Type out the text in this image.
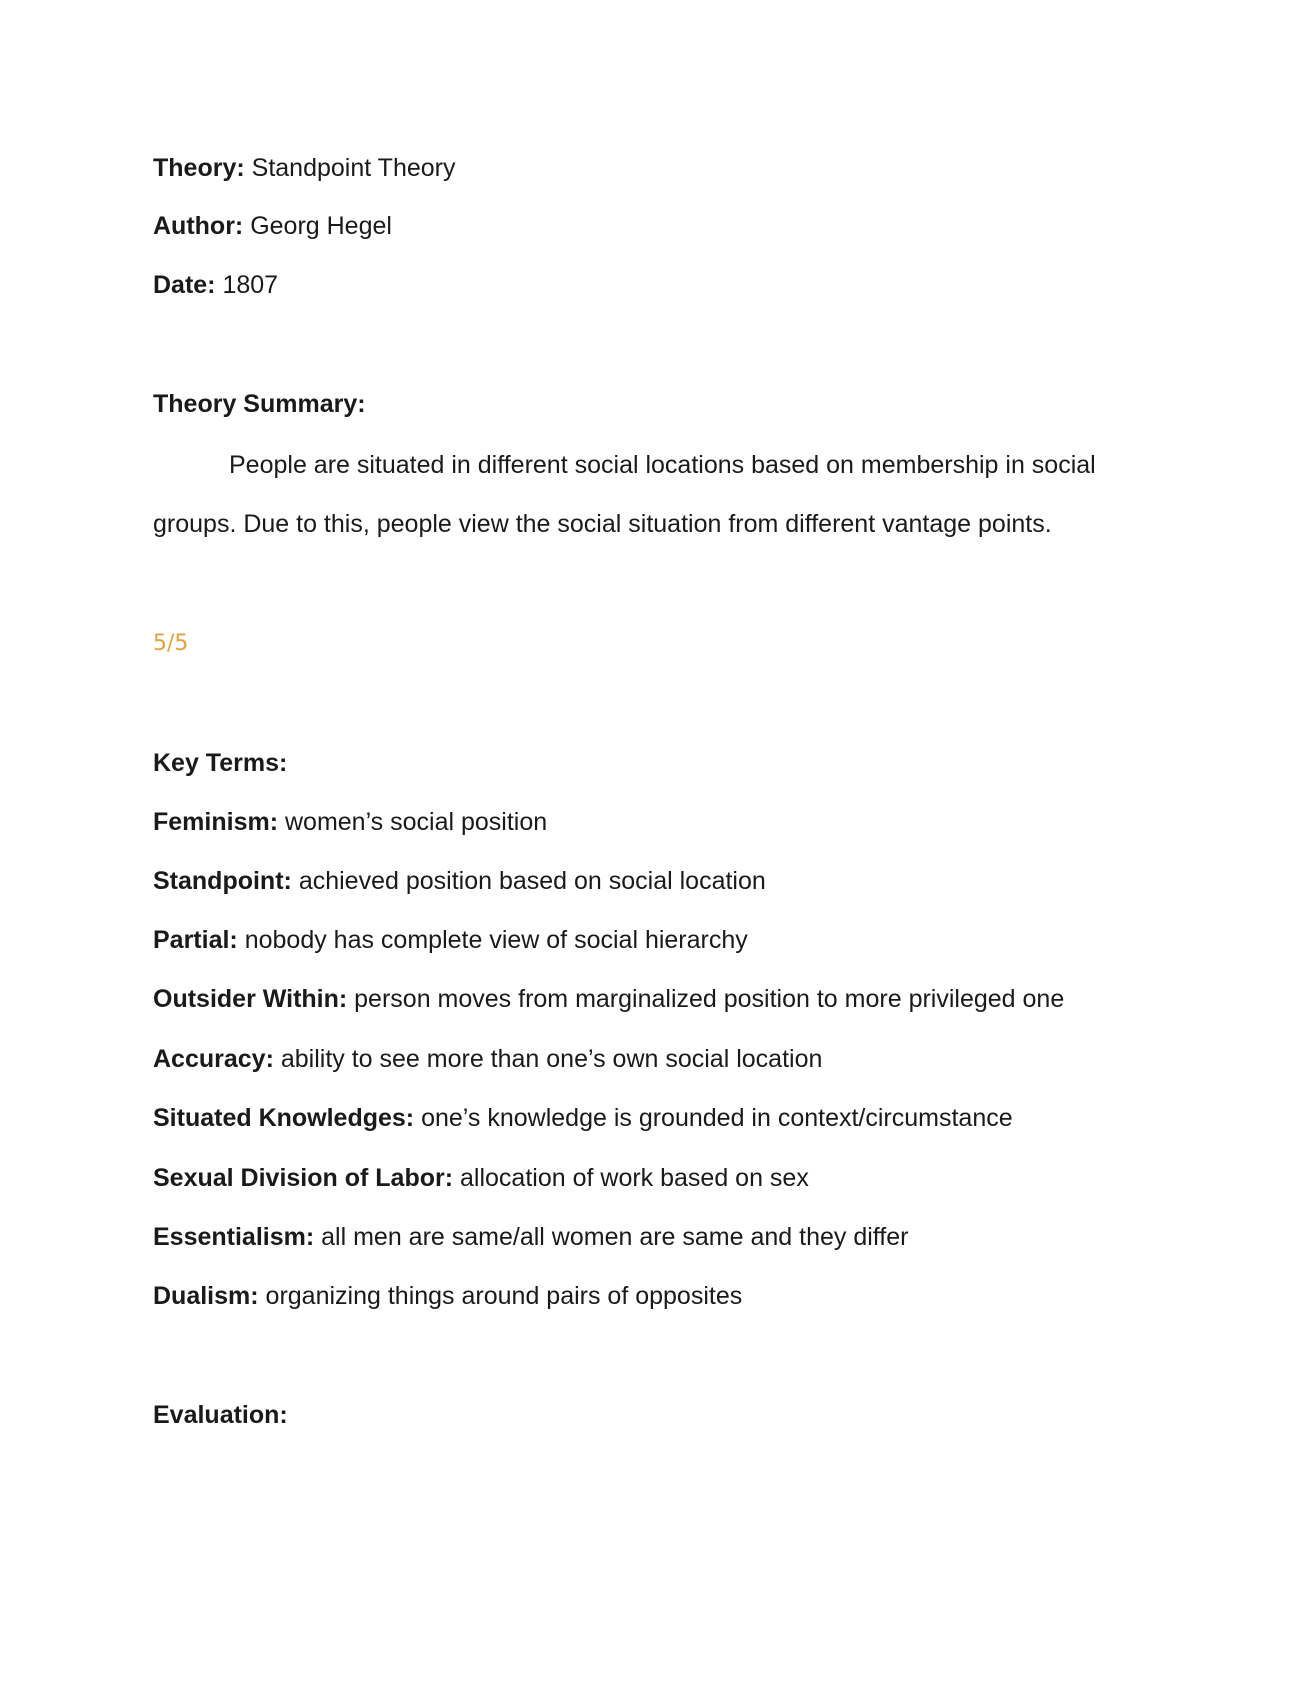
Theory: Standpoint Theory
Author: Georg Hegel
Date: 1807
Theory Summary:
People are situated in different social locations based on membership in social
groups. Due to this, people view the social situation from different vantage points.
5/5
Key Terms:
Feminism: women’s social position
Standpoint: achieved position based on social location
Partial: nobody has complete view of social hierarchy
Outsider Within: person moves from marginalized position to more privileged one
Accuracy: ability to see more than one’s own social location
Situated Knowledges: one’s knowledge is grounded in context/circumstance
Sexual Division of Labor: allocation of work based on sex
Essentialism: all men are same/all women are same and they differ
Dualism: organizing things around pairs of opposites
Evaluation:
